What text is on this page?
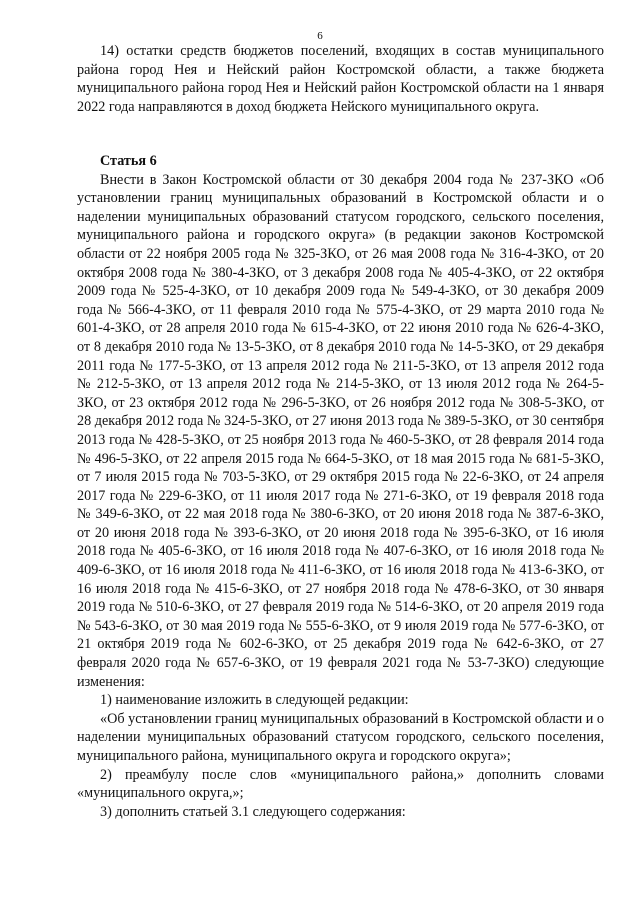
6

14) остатки средств бюджетов поселений, входящих в состав муниципального района город Нея и Нейский район Костромской области, а также бюджета муниципального района город Нея и Нейский район Костромской области на 1 января 2022 года направляются в доход бюджета Нейского муниципального округа.

Статья 6

Внести в Закон Костромской области от 30 декабря 2004 года № 237-ЗКО «Об установлении границ муниципальных образований в Костромской области и о наделении муниципальных образований статусом городского, сельского поселения, муниципального района и городского округа» (в редакции законов Костромской области от 22 ноября 2005 года № 325-ЗКО, от 26 мая 2008 года № 316-4-ЗКО, от 20 октября 2008 года № 380-4-ЗКО, от 3 декабря 2008 года № 405-4-ЗКО, от 22 октября 2009 года № 525-4-ЗКО, от 10 декабря 2009 года № 549-4-ЗКО, от 30 декабря 2009 года № 566-4-ЗКО, от 11 февраля 2010 года № 575-4-ЗКО, от 29 марта 2010 года № 601-4-ЗКО, от 28 апреля 2010 года № 615-4-ЗКО, от 22 июня 2010 года № 626-4-ЗКО, от 8 декабря 2010 года № 13-5-ЗКО, от 8 декабря 2010 года № 14-5-ЗКО, от 29 декабря 2011 года № 177-5-ЗКО, от 13 апреля 2012 года № 211-5-ЗКО, от 13 апреля 2012 года № 212-5-ЗКО, от 13 апреля 2012 года № 214-5-ЗКО, от 13 июля 2012 года № 264-5-ЗКО, от 23 октября 2012 года № 296-5-ЗКО, от 26 ноября 2012 года № 308-5-ЗКО, от 28 декабря 2012 года № 324-5-ЗКО, от 27 июня 2013 года № 389-5-ЗКО, от 30 сентября 2013 года № 428-5-ЗКО, от 25 ноября 2013 года № 460-5-ЗКО, от 28 февраля 2014 года № 496-5-ЗКО, от 22 апреля 2015 года № 664-5-ЗКО, от 18 мая 2015 года № 681-5-ЗКО, от 7 июля 2015 года № 703-5-ЗКО, от 29 октября 2015 года № 22-6-ЗКО, от 24 апреля 2017 года № 229-6-ЗКО, от 11 июля 2017 года № 271-6-ЗКО, от 19 февраля 2018 года № 349-6-ЗКО, от 22 мая 2018 года № 380-6-ЗКО, от 20 июня 2018 года № 387-6-ЗКО, от 20 июня 2018 года № 393-6-ЗКО, от 20 июня 2018 года № 395-6-ЗКО, от 16 июля 2018 года № 405-6-ЗКО, от 16 июля 2018 года № 407-6-ЗКО, от 16 июля 2018 года № 409-6-ЗКО, от 16 июля 2018 года № 411-6-ЗКО, от 16 июля 2018 года № 413-6-ЗКО, от 16 июля 2018 года № 415-6-ЗКО, от 27 ноября 2018 года № 478-6-ЗКО, от 30 января 2019 года № 510-6-ЗКО, от 27 февраля 2019 года № 514-6-ЗКО, от 20 апреля 2019 года № 543-6-ЗКО, от 30 мая 2019 года № 555-6-ЗКО, от 9 июля 2019 года № 577-6-ЗКО, от 21 октября 2019 года № 602-6-ЗКО, от 25 декабря 2019 года № 642-6-ЗКО, от 27 февраля 2020 года № 657-6-ЗКО, от 19 февраля 2021 года № 53-7-ЗКО) следующие изменения:

1) наименование изложить в следующей редакции:

«Об установлении границ муниципальных образований в Костромской области и о наделении муниципальных образований статусом городского, сельского поселения, муниципального района, муниципального округа и городского округа»;

2) преамбулу после слов «муниципального района,» дополнить словами «муниципального округа,»;

3) дополнить статьей 3.1 следующего содержания:
